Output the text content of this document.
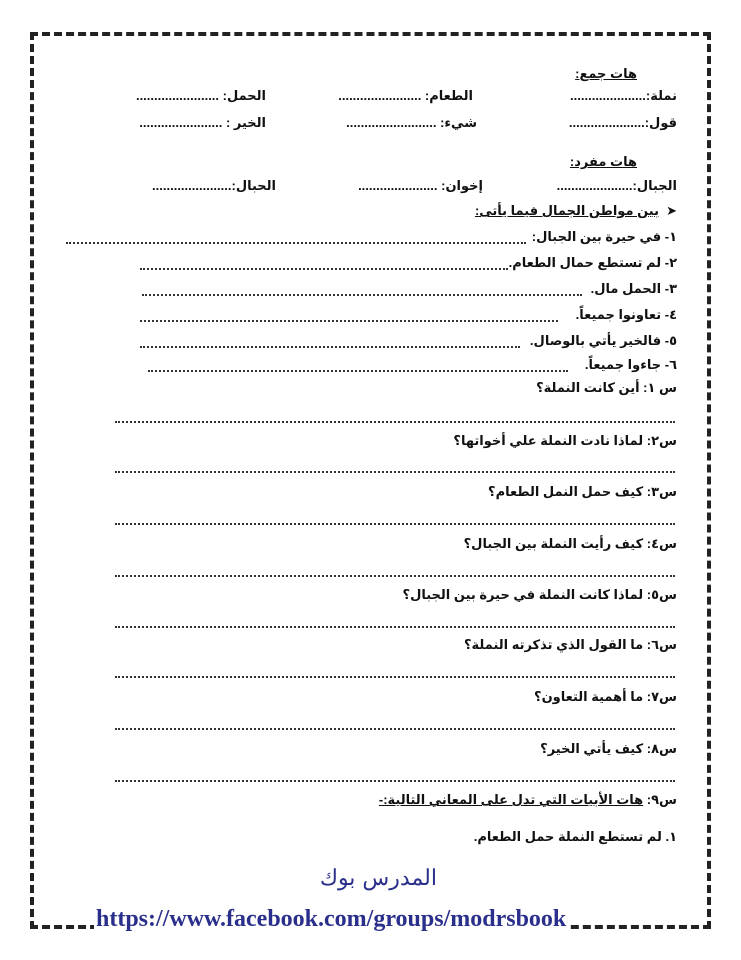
هات جمع:
نملة:.....................
الطعام: .......................
الحمل: .......................
قول:.....................
شيء: .........................
الخير : .......................
هات مفرد:
الجبال:.....................
إخوان: ......................
الحبال:......................
➤
بين مواطن الجمال فيما يأتى:
١- في حيرة بين الجبال:
٢- لم تستطع حمال الطعام.
٣- الحمل مال.
٤- تعاونوا جميعاً.
٥- فالخير يأتي بالوصال.
٦- جاءوا جميعاً.
س ١: أين كانت النملة؟
س٢: لماذا نادت النملة علي أخواتها؟
س٣: كيف حمل النمل الطعام؟
س٤: كيف رأيت النملة بين الجبال؟
س٥: لماذا كانت النملة في حيرة بين الجبال؟
س٦: ما القول الذي تذكرته النملة؟
س٧: ما أهمية التعاون؟
س٨: كيف يأتي الخير؟
س٩: هات الأبيات التي تدل على المعاني التالية:-
١. لم تستطع النملة حمل الطعام.
المدرس بوك
https://www.facebook.com/groups/modrsbook
